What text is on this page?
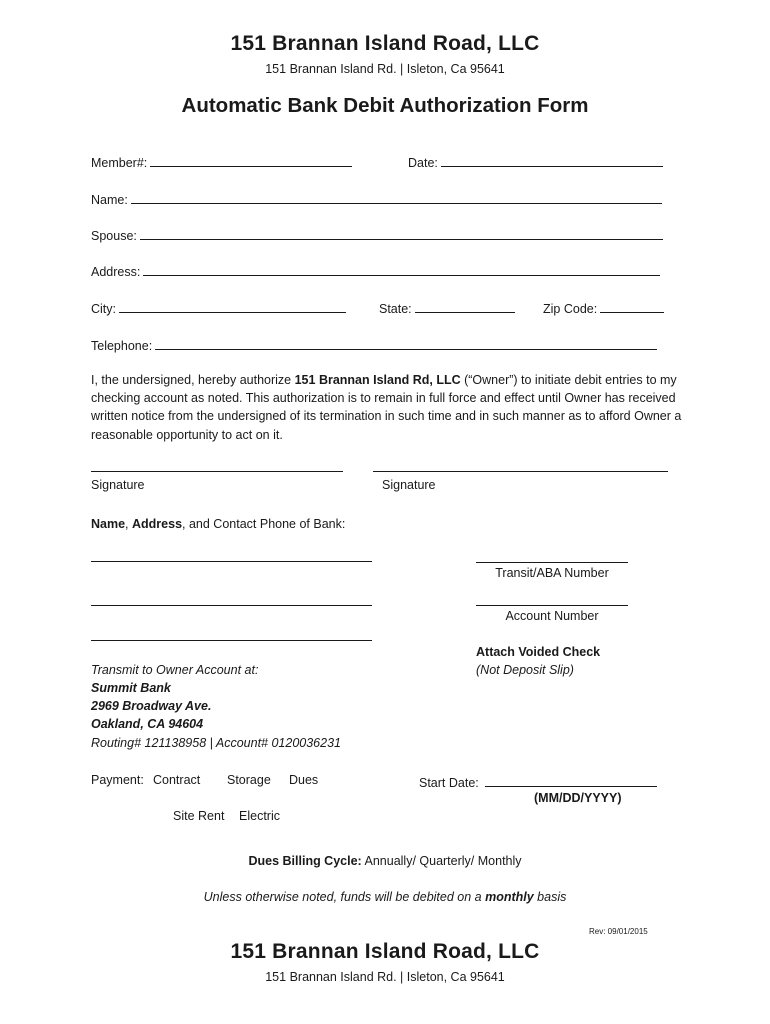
151 Brannan Island Road, LLC
151 Brannan Island Rd. | Isleton, Ca 95641
Automatic Bank Debit Authorization Form
Member#:	Date:
Name:
Spouse:
Address:
City:	State:	Zip Code:
Telephone:
I, the undersigned, hereby authorize 151 Brannan Island Rd, LLC (“Owner”) to initiate debit entries to my checking account as noted. This authorization is to remain in full force and effect until Owner has received written notice from the undersigned of its termination in such time and in such manner as to afford Owner a reasonable opportunity to act on it.
Signature	Signature
Name, Address, and Contact Phone of Bank:
Transit/ABA Number
Account Number
Attach Voided Check
(Not Deposit Slip)
Transmit to Owner Account at:
Summit Bank
2969 Broadway Ave.
Oakland, CA 94604
Routing# 121138958 | Account# 0120036231
Payment: Contract Storage Dues
Site Rent Electric
Start Date:
(MM/DD/YYYY)
Dues Billing Cycle: Annually/ Quarterly/ Monthly
Unless otherwise noted, funds will be debited on a monthly basis
Rev: 09/01/2015
151 Brannan Island Road, LLC
151 Brannan Island Rd. | Isleton, Ca 95641
